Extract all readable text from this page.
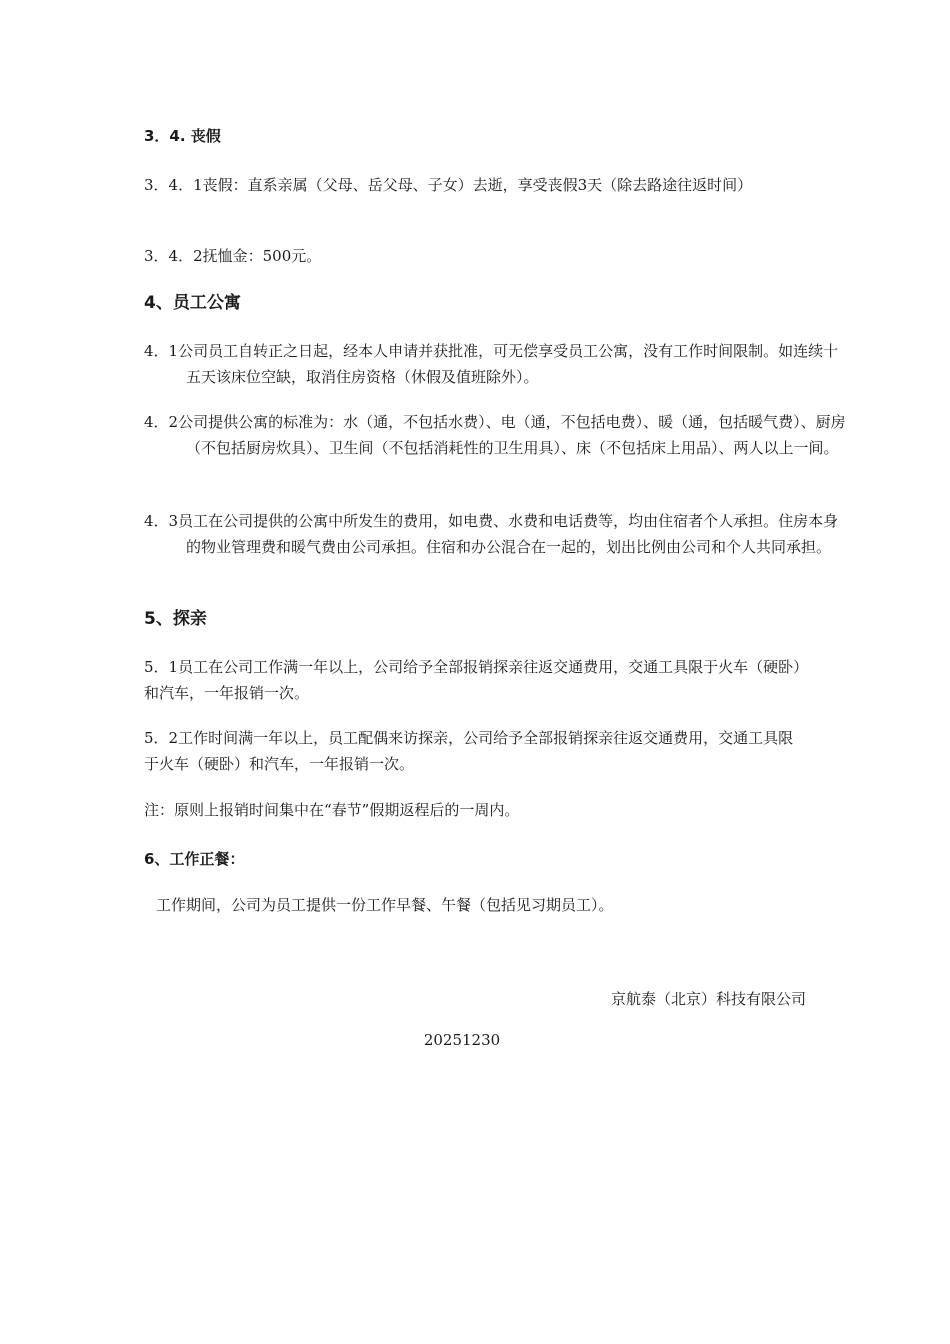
3．4. 丧假

3．4．1丧假：直系亲属（父母、岳父母、子女）去逝，享受丧假3天（除去路途往返时间）

3．4．2抚恤金：500元。

4、员工公寓

4．1公司员工自转正之日起，经本人申请并获批准，可无偿享受员工公寓，没有工作时间限制。如连续十五天该床位空缺，取消住房资格（休假及值班除外）。

4．2公司提供公寓的标准为：水（通，不包括水费）、电（通，不包括电费）、暖（通，包括暖气费）、厨房（不包括厨房炊具）、卫生间（不包括消耗性的卫生用具）、床（不包括床上用品）、两人以上一间。

4．3员工在公司提供的公寓中所发生的费用，如电费、水费和电话费等，均由住宿者个人承担。住房本身的物业管理费和暖气费由公司承担。住宿和办公混合在一起的，划出比例由公司和个人共同承担。

5、探亲

5．1员工在公司工作满一年以上，公司给予全部报销探亲往返交通费用，交通工具限于火车（硬卧）和汽车，一年报销一次。

5．2工作时间满一年以上，员工配偶来访探亲，公司给予全部报销探亲往返交通费用，交通工具限于火车（硬卧）和汽车，一年报销一次。

注：原则上报销时间集中在“春节”假期返程后的一周内。

6、工作正餐：

工作期间，公司为员工提供一份工作早餐、午餐（包括见习期员工）。

京航泰（北京）科技有限公司

20251230
